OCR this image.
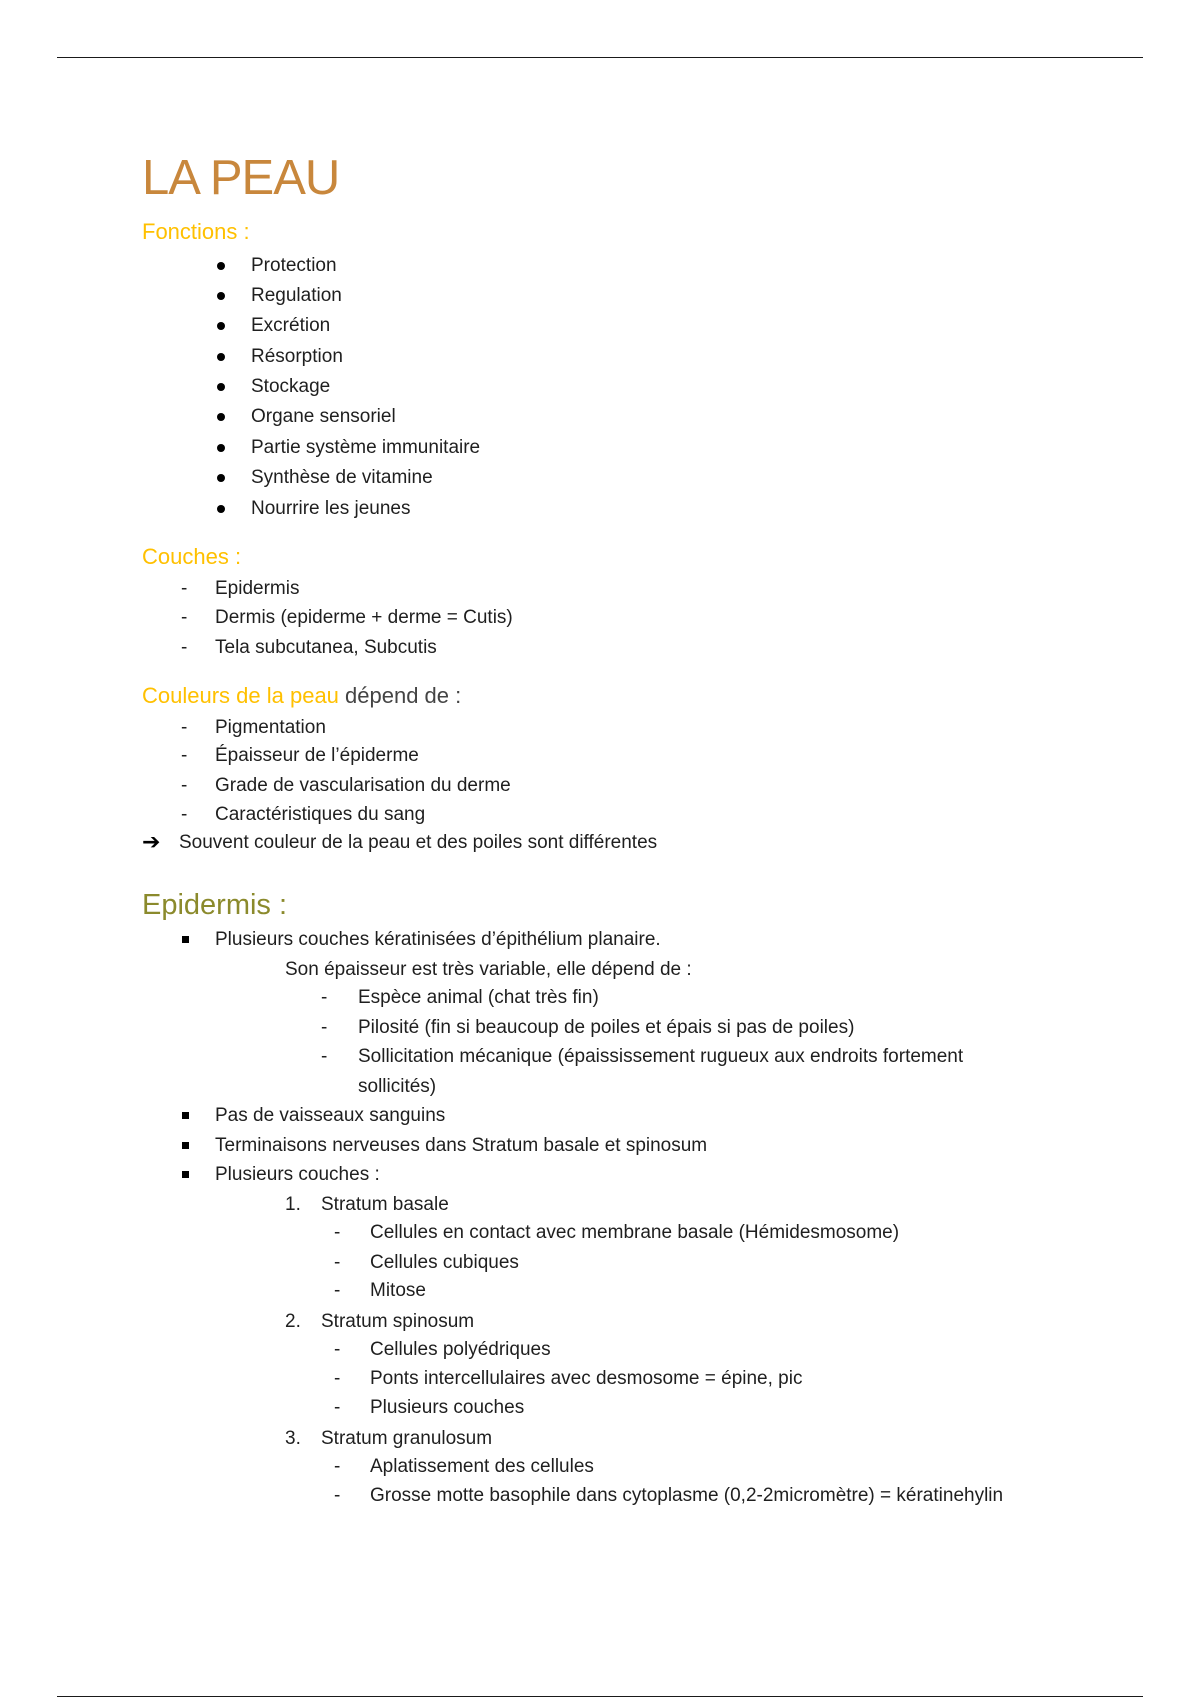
LA PEAU
Fonctions :
Protection
Regulation
Excrétion
Résorption
Stockage
Organe sensoriel
Partie système immunitaire
Synthèse de vitamine
Nourrire les jeunes
Couches :
- Epidermis
- Dermis (epiderme + derme = Cutis)
- Tela subcutanea, Subcutis
Couleurs de la peau dépend de :
- Pigmentation
- Épaisseur de l’épiderme
- Grade de vascularisation du derme
- Caractéristiques du sang
➔ Souvent couleur de la peau et des poiles sont différentes
Epidermis :
Plusieurs couches kératinisées d’épithélium planaire.
Son épaisseur est très variable, elle dépend de :
- Espèce animal (chat très fin)
- Pilosité (fin si beaucoup de poiles et épais si pas de poiles)
- Sollicitation mécanique (épaississement rugueux aux endroits fortement
sollicités)
Pas de vaisseaux sanguins
Terminaisons nerveuses dans Stratum basale et spinosum
Plusieurs couches :
1. Stratum basale
- Cellules en contact avec membrane basale (Hémidesmosome)
- Cellules cubiques
- Mitose
2. Stratum spinosum
- Cellules polyédriques
- Ponts intercellulaires avec desmosome = épine, pic
- Plusieurs couches
3. Stratum granulosum
- Aplatissement des cellules
- Grosse motte basophile dans cytoplasme (0,2-2micromètre) = kératinehylin
